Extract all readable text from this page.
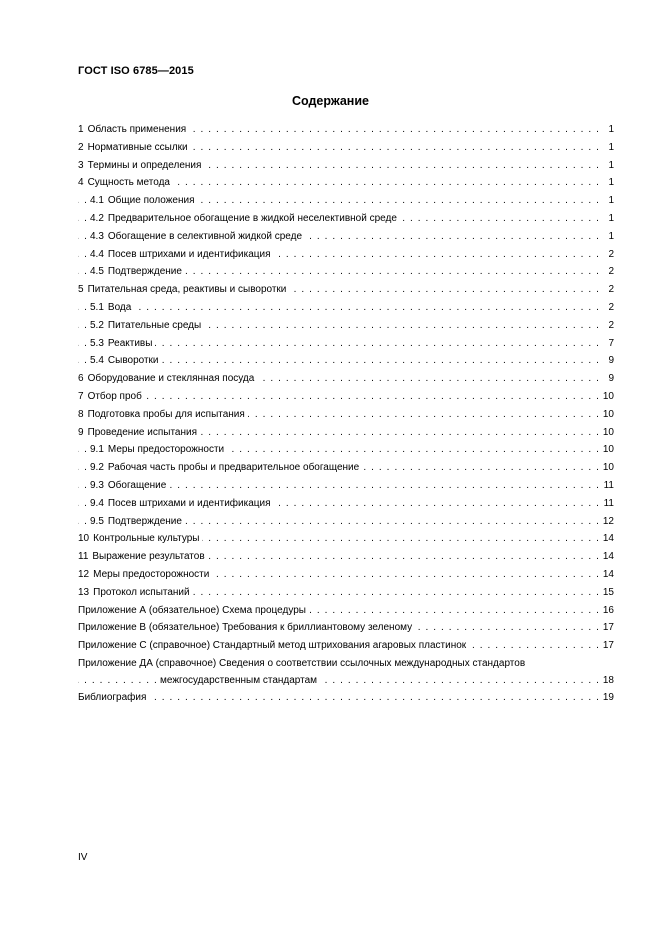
ГОСТ ISO 6785—2015
Содержание
. . .
1 Область применения	1
. . .
2 Нормативные ссылки	1
. . .
3 Термины и определения	1
. . .
4 Сущность метода	1
. . .
4.1 Общие положения	1
. . .
4.2 Предварительное обогащение в жидкой неселективной среде	1
. . .
4.3 Обогащение в селективной жидкой среде	1
. . .
4.4 Посев штрихами и идентификация	2
. . .
4.5 Подтверждение	2
. . .
5 Питательная среда, реактивы и сыворотки	2
. . .
5.1 Вода	2
. . .
5.2 Питательные среды	2
. . .
5.3 Реактивы	7
. . .
5.4 Сыворотки	9
. . .
6 Оборудование и стеклянная посуда	9
. . .
7 Отбор проб	10
. . .
8 Подготовка пробы для испытания	10
. . .
9 Проведение испытания	10
. . .
9.1 Меры предосторожности	10
. . .
9.2 Рабочая часть пробы и предварительное обогащение	10
. . .
9.3 Обогащение	11
. . .
9.4 Посев штрихами и идентификация	11
. . .
9.5 Подтверждение	12
. . .
10 Контрольные культуры	14
. . .
11 Выражение результатов	14
. . .
12 Меры предосторожности	14
. . .
13 Протокол испытаний	15
. . .
Приложение А (обязательное) Схема процедуры	16
. . .
Приложение В (обязательное) Требования к бриллиантовому зеленому	17
. . .
Приложение С (справочное) Стандартный метод штрихования агаровых пластинок	17
. . .
Приложение ДА (справочное) Сведения о соответствии ссылочных международных стандартов
межгосударственным стандартам	18
. . .
Библиография	19
IV
